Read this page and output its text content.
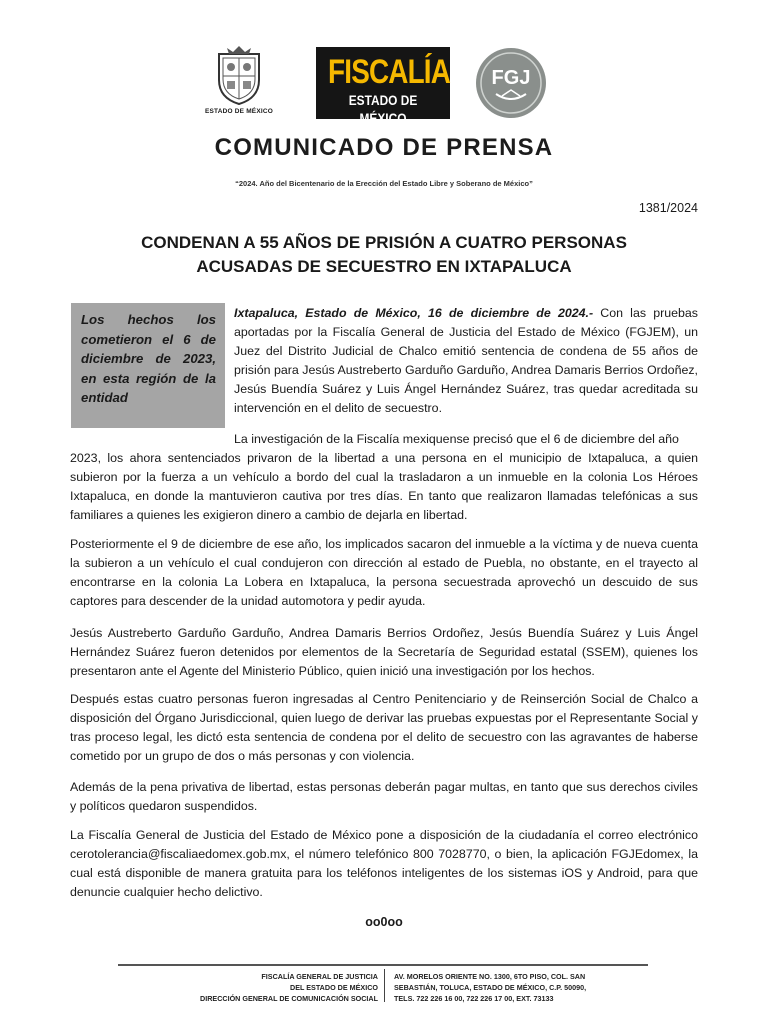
ESTADO DE MÉXICO
FISCALÍA
ESTADO DE MÉXICO
FGJ
COMUNICADO DE PRENSA
“2024. Año del Bicentenario de la Erección del Estado Libre y Soberano de México”
1381/2024
CONDENAN A 55 AÑOS DE PRISIÓN A CUATRO PERSONAS
ACUSADAS DE SECUESTRO EN IXTAPALUCA
Los hechos los cometieron el 6 de diciembre de 2023, en esta región de la entidad

Ixtapaluca, Estado de México, 16 de diciembre de 2024.- Con las pruebas aportadas por la Fiscalía General de Justicia del Estado de México (FGJEM), un Juez del Distrito Judicial de Chalco emitió sentencia de condena de 55 años de prisión para Jesús Austreberto Garduño Garduño, Andrea Damaris Berrios Ordoñez, Jesús Buendía Suárez y Luis Ángel Hernández Suárez, tras quedar acreditada su intervención en el delito de secuestro.

La investigación de la Fiscalía mexiquense precisó que el 6 de diciembre del año

2023, los ahora sentenciados privaron de la libertad a una persona en el municipio de Ixtapaluca, a quien subieron por la fuerza a un vehículo a bordo del cual la trasladaron a un inmueble en la colonia Los Héroes Ixtapaluca, en donde la mantuvieron cautiva por tres días. En tanto que realizaron llamadas telefónicas a sus familiares a quienes les exigieron dinero a cambio de dejarla en libertad.

Posteriormente el 9 de diciembre de ese año, los implicados sacaron del inmueble a la víctima y de nueva cuenta la subieron a un vehículo el cual condujeron con dirección al estado de Puebla, no obstante, en el trayecto al encontrarse en la colonia La Lobera en Ixtapaluca, la persona secuestrada aprovechó un descuido de sus captores para descender de la unidad automotora y pedir ayuda.

Jesús Austreberto Garduño Garduño, Andrea Damaris Berrios Ordoñez, Jesús Buendía Suárez y Luis Ángel Hernández Suárez fueron detenidos por elementos de la Secretaría de Seguridad estatal (SSEM), quienes los presentaron ante el Agente del Ministerio Público, quien inició una investigación por los hechos.

Después estas cuatro personas fueron ingresadas al Centro Penitenciario y de Reinserción Social de Chalco a disposición del Órgano Jurisdiccional, quien luego de derivar las pruebas expuestas por el Representante Social y tras proceso legal, les dictó esta sentencia de condena por el delito de secuestro con las agravantes de haberse cometido por un grupo de dos o más personas y con violencia.

Además de la pena privativa de libertad, estas personas deberán pagar multas, en tanto que sus derechos civiles y políticos quedaron suspendidos.

La Fiscalía General de Justicia del Estado de México pone a disposición de la ciudadanía el correo electrónico cerotolerancia@fiscaliaedomex.gob.mx, el número telefónico 800 7028770, o bien, la aplicación FGJEdomex, la cual está disponible de manera gratuita para los teléfonos inteligentes de los sistemas iOS y Android, para que denuncie cualquier hecho delictivo.

oo0oo
FISCALÍA GENERAL DE JUSTICIA
DEL ESTADO DE MÉXICO
DIRECCIÓN GENERAL DE COMUNICACIÓN SOCIAL
AV. MORELOS ORIENTE NO. 1300, 6TO PISO, COL. SAN
SEBASTIÁN, TOLUCA, ESTADO DE MÉXICO, C.P. 50090,
TELS. 722 226 16 00, 722 226 17 00, EXT. 73133
